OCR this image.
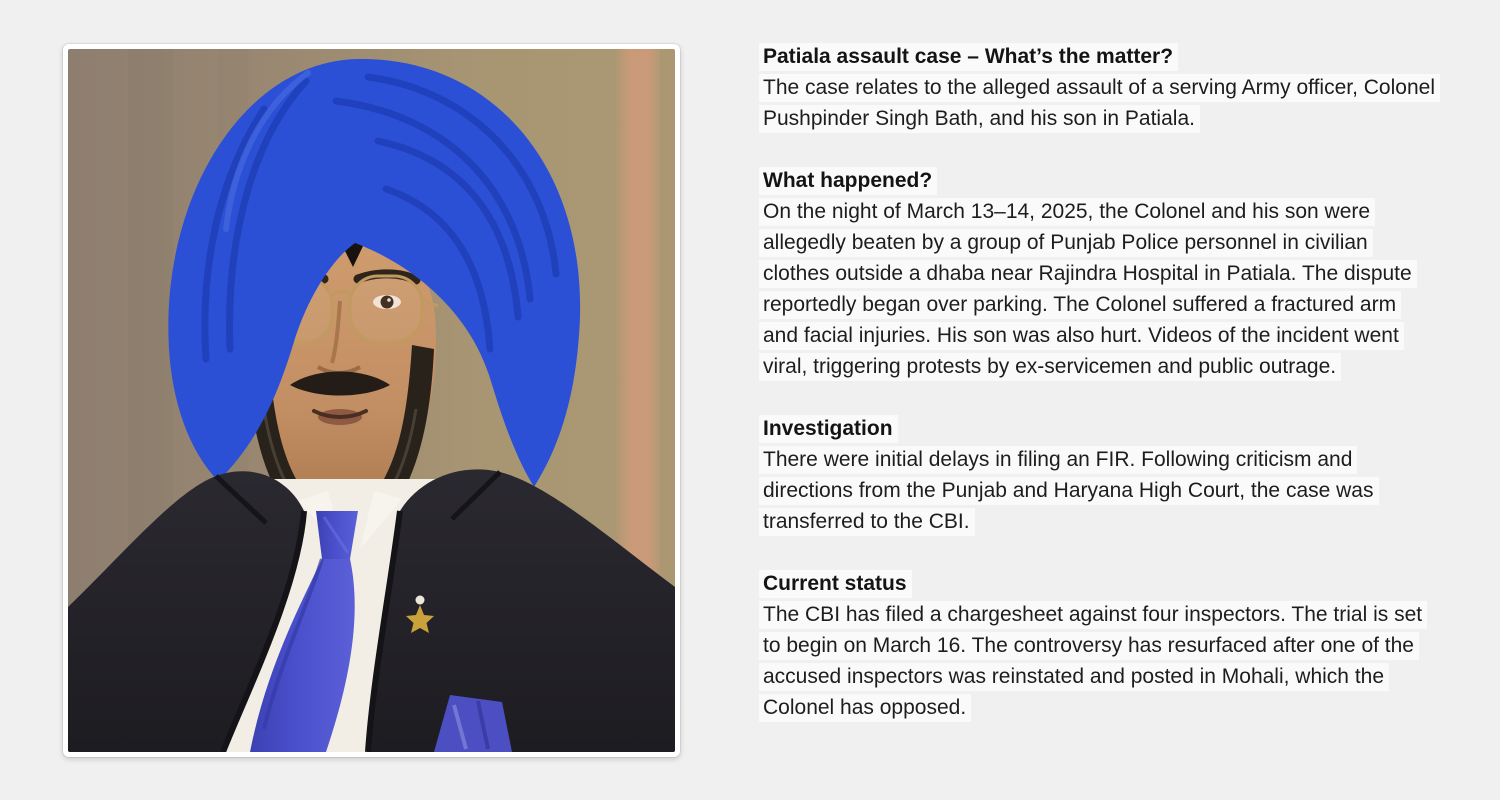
Patiala assault case – What’s the matter?

The case relates to the alleged assault of a serving Army officer, Colonel Pushpinder Singh Bath, and his son in Patiala.

What happened?

On the night of March 13–14, 2025, the Colonel and his son were allegedly beaten by a group of Punjab Police personnel in civilian clothes outside a dhaba near Rajindra Hospital in Patiala. The dispute reportedly began over parking. The Colonel suffered a fractured arm and facial injuries. His son was also hurt. Videos of the incident went viral, triggering protests by ex-servicemen and public outrage.

Investigation

There were initial delays in filing an FIR. Following criticism and directions from the Punjab and Haryana High Court, the case was transferred to the CBI.

Current status

The CBI has filed a chargesheet against four inspectors. The trial is set to begin on March 16. The controversy has resurfaced after one of the accused inspectors was reinstated and posted in Mohali, which the Colonel has opposed.
